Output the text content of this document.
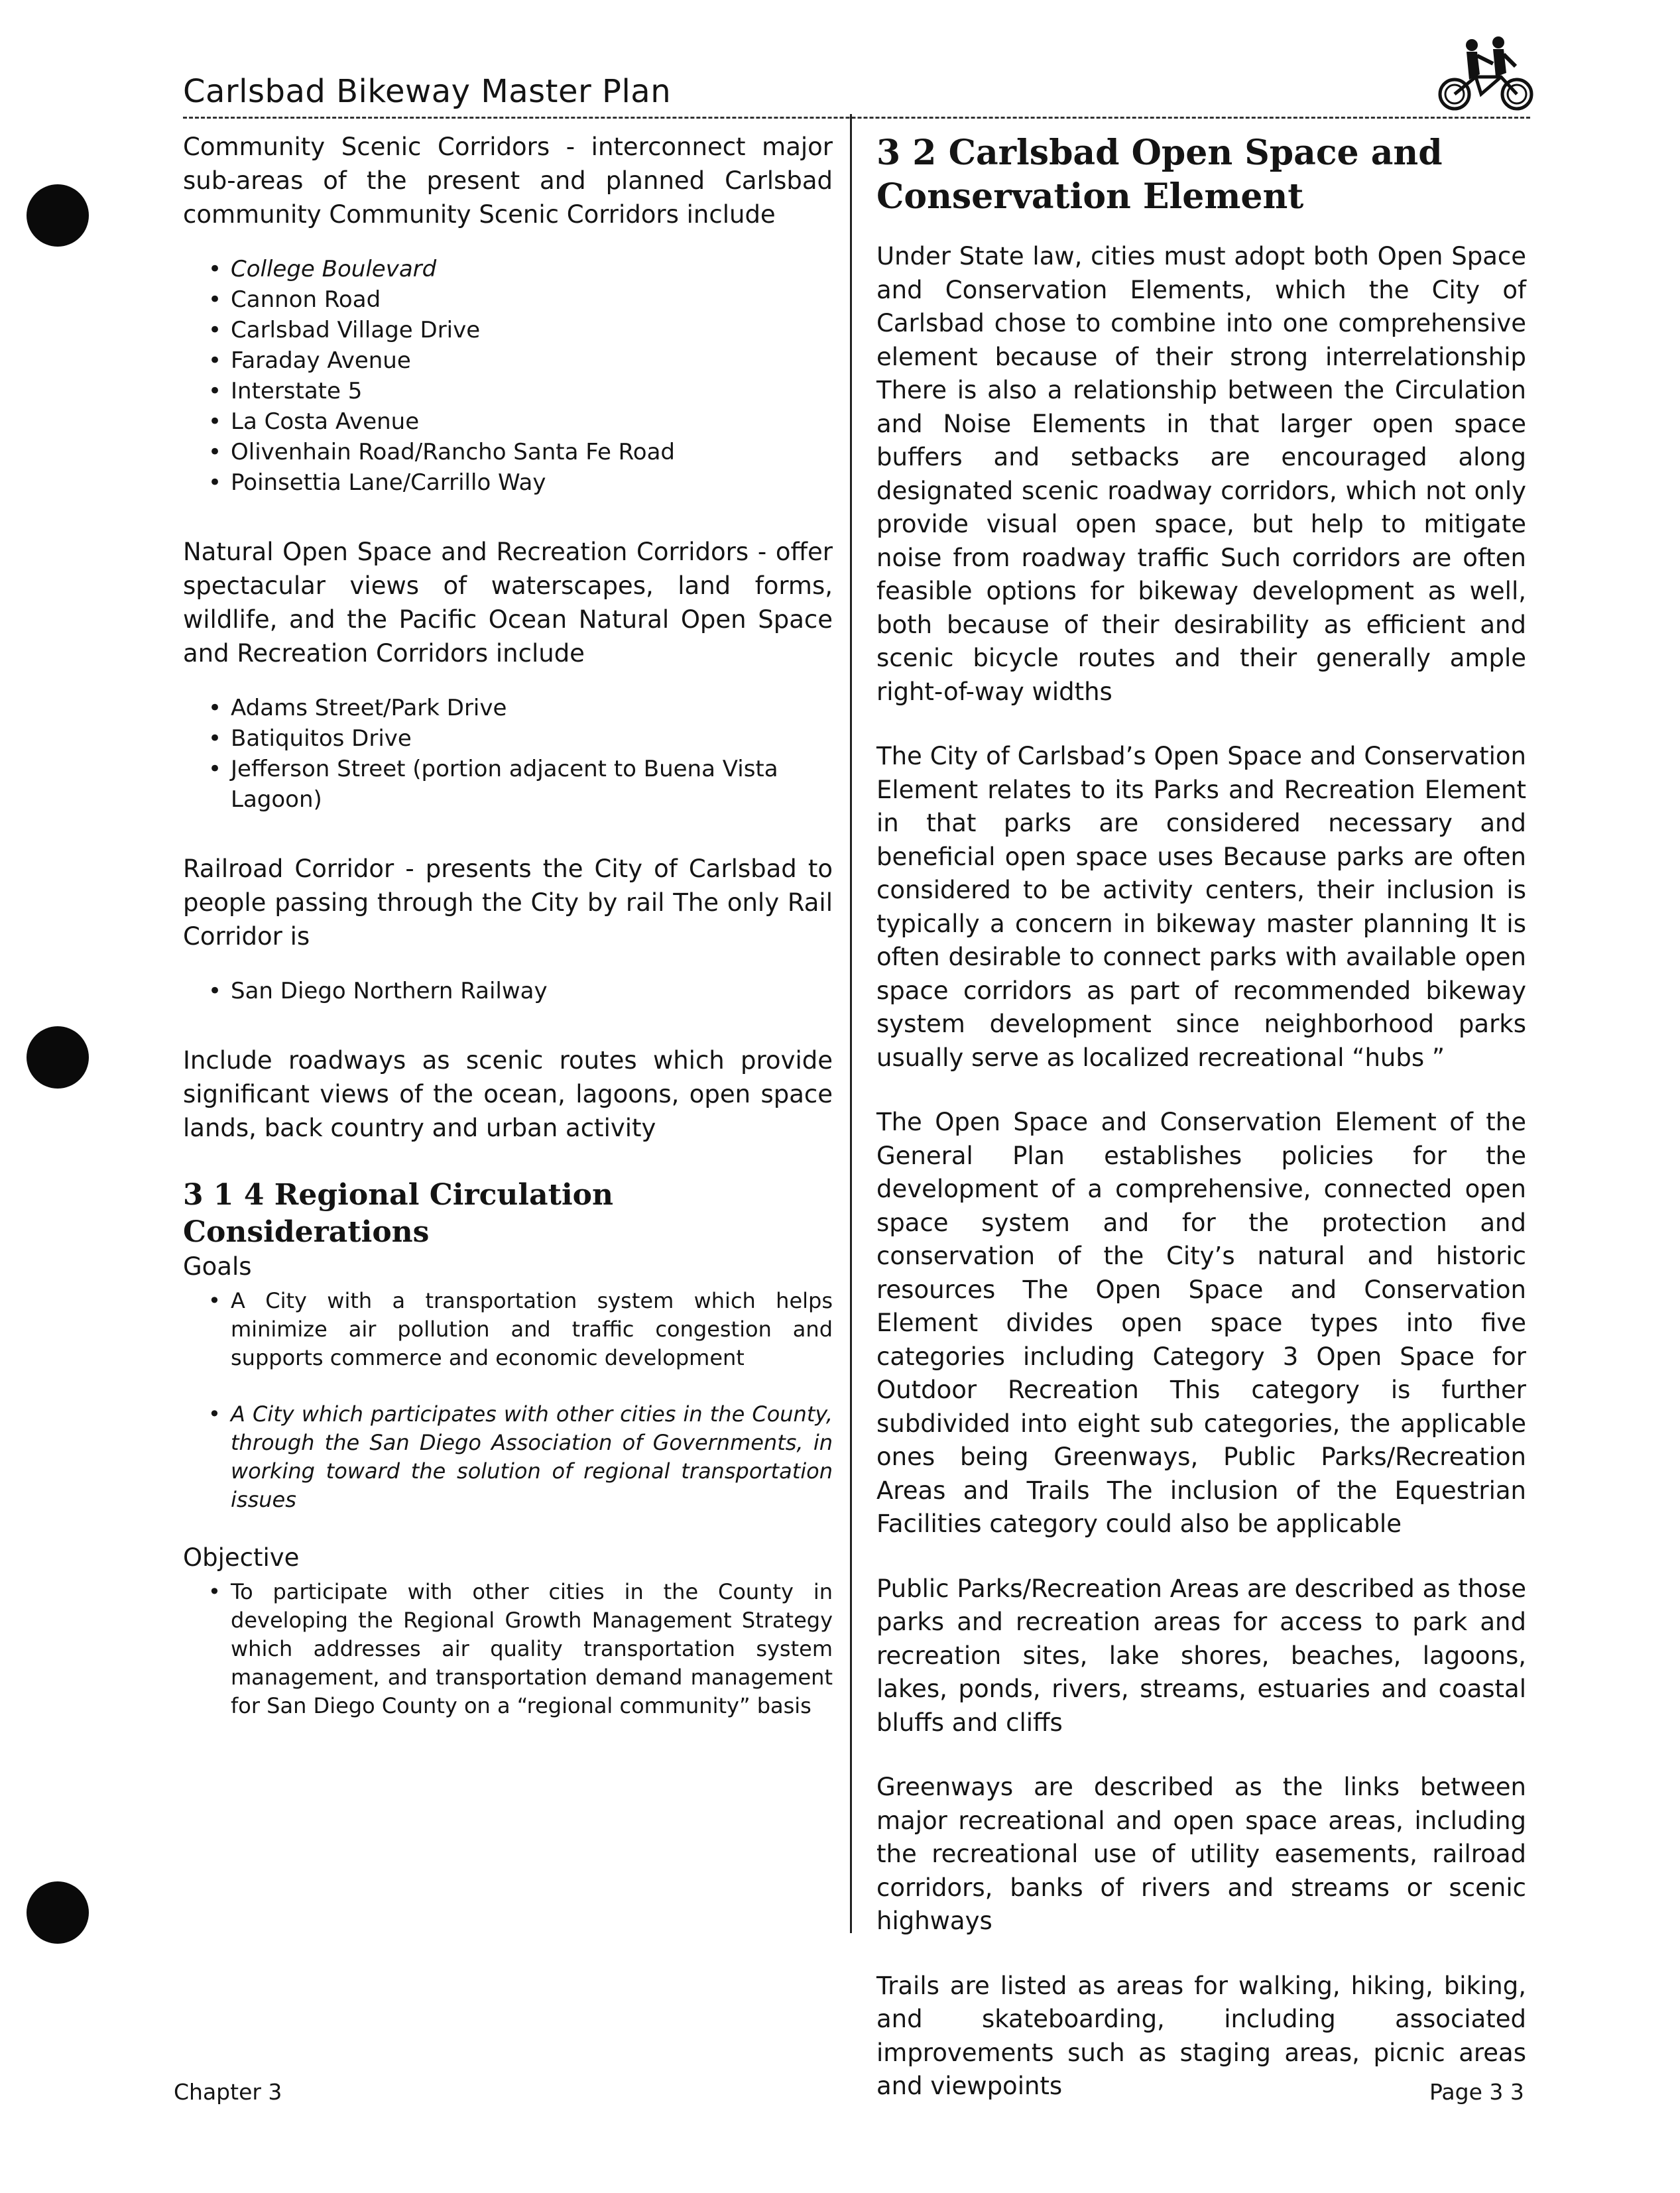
Carlsbad Bikeway Master Plan

Community Scenic Corridors - interconnect major sub-areas of the present and planned Carlsbad community Community Scenic Corridors include

• College Boulevard
• Cannon Road
• Carlsbad Village Drive
• Faraday Avenue
• Interstate 5
• La Costa Avenue
• Olivenhain Road/Rancho Santa Fe Road
• Poinsettia Lane/Carrillo Way

Natural Open Space and Recreation Corridors - offer spectacular views of waterscapes, land forms, wildlife, and the Pacific Ocean Natural Open Space and Recreation Corridors include

• Adams Street/Park Drive
• Batiquitos Drive
• Jefferson Street (portion adjacent to Buena Vista Lagoon)

Railroad Corridor - presents the City of Carlsbad to people passing through the City by rail The only Rail Corridor is

• San Diego Northern Railway

Include roadways as scenic routes which provide significant views of the ocean, lagoons, open space lands, back country and urban activity

3 1 4 Regional Circulation Considerations
Goals
• A City with a transportation system which helps minimize air pollution and traffic congestion and supports commerce and economic development
• A City which participates with other cities in the County, through the San Diego Association of Governments, in working toward the solution of regional transportation issues
Objective
• To participate with other cities in the County in developing the Regional Growth Management Strategy which addresses air quality transportation system management, and transportation demand management for San Diego County on a “regional community” basis
3 2 Carlsbad Open Space and Conservation Element

Under State law, cities must adopt both Open Space and Conservation Elements, which the City of Carlsbad chose to combine into one comprehensive element because of their strong interrelationship There is also a relationship between the Circulation and Noise Elements in that larger open space buffers and setbacks are encouraged along designated scenic roadway corridors, which not only provide visual open space, but help to mitigate noise from roadway traffic Such corridors are often feasible options for bikeway development as well, both because of their desirability as efficient and scenic bicycle routes and their generally ample right-of-way widths

The City of Carlsbad’s Open Space and Conservation Element relates to its Parks and Recreation Element in that parks are considered necessary and beneficial open space uses Because parks are often considered to be activity centers, their inclusion is typically a concern in bikeway master planning It is often desirable to connect parks with available open space corridors as part of recommended bikeway system development since neighborhood parks usually serve as localized recreational “hubs ”

The Open Space and Conservation Element of the General Plan establishes policies for the development of a comprehensive, connected open space system and for the protection and conservation of the City’s natural and historic resources The Open Space and Conservation Element divides open space types into five categories including Category 3 Open Space for Outdoor Recreation This category is further subdivided into eight sub categories, the applicable ones being Greenways, Public Parks/Recreation Areas and Trails The inclusion of the Equestrian Facilities category could also be applicable

Public Parks/Recreation Areas are described as those parks and recreation areas for access to park and recreation sites, lake shores, beaches, lagoons, lakes, ponds, rivers, streams, estuaries and coastal bluffs and cliffs

Greenways are described as the links between major recreational and open space areas, including the recreational use of utility easements, railroad corridors, banks of rivers and streams or scenic highways

Trails are listed as areas for walking, hiking, biking, and skateboarding, including associated improvements such as staging areas, picnic areas and viewpoints

Chapter 3	Page 3 3
